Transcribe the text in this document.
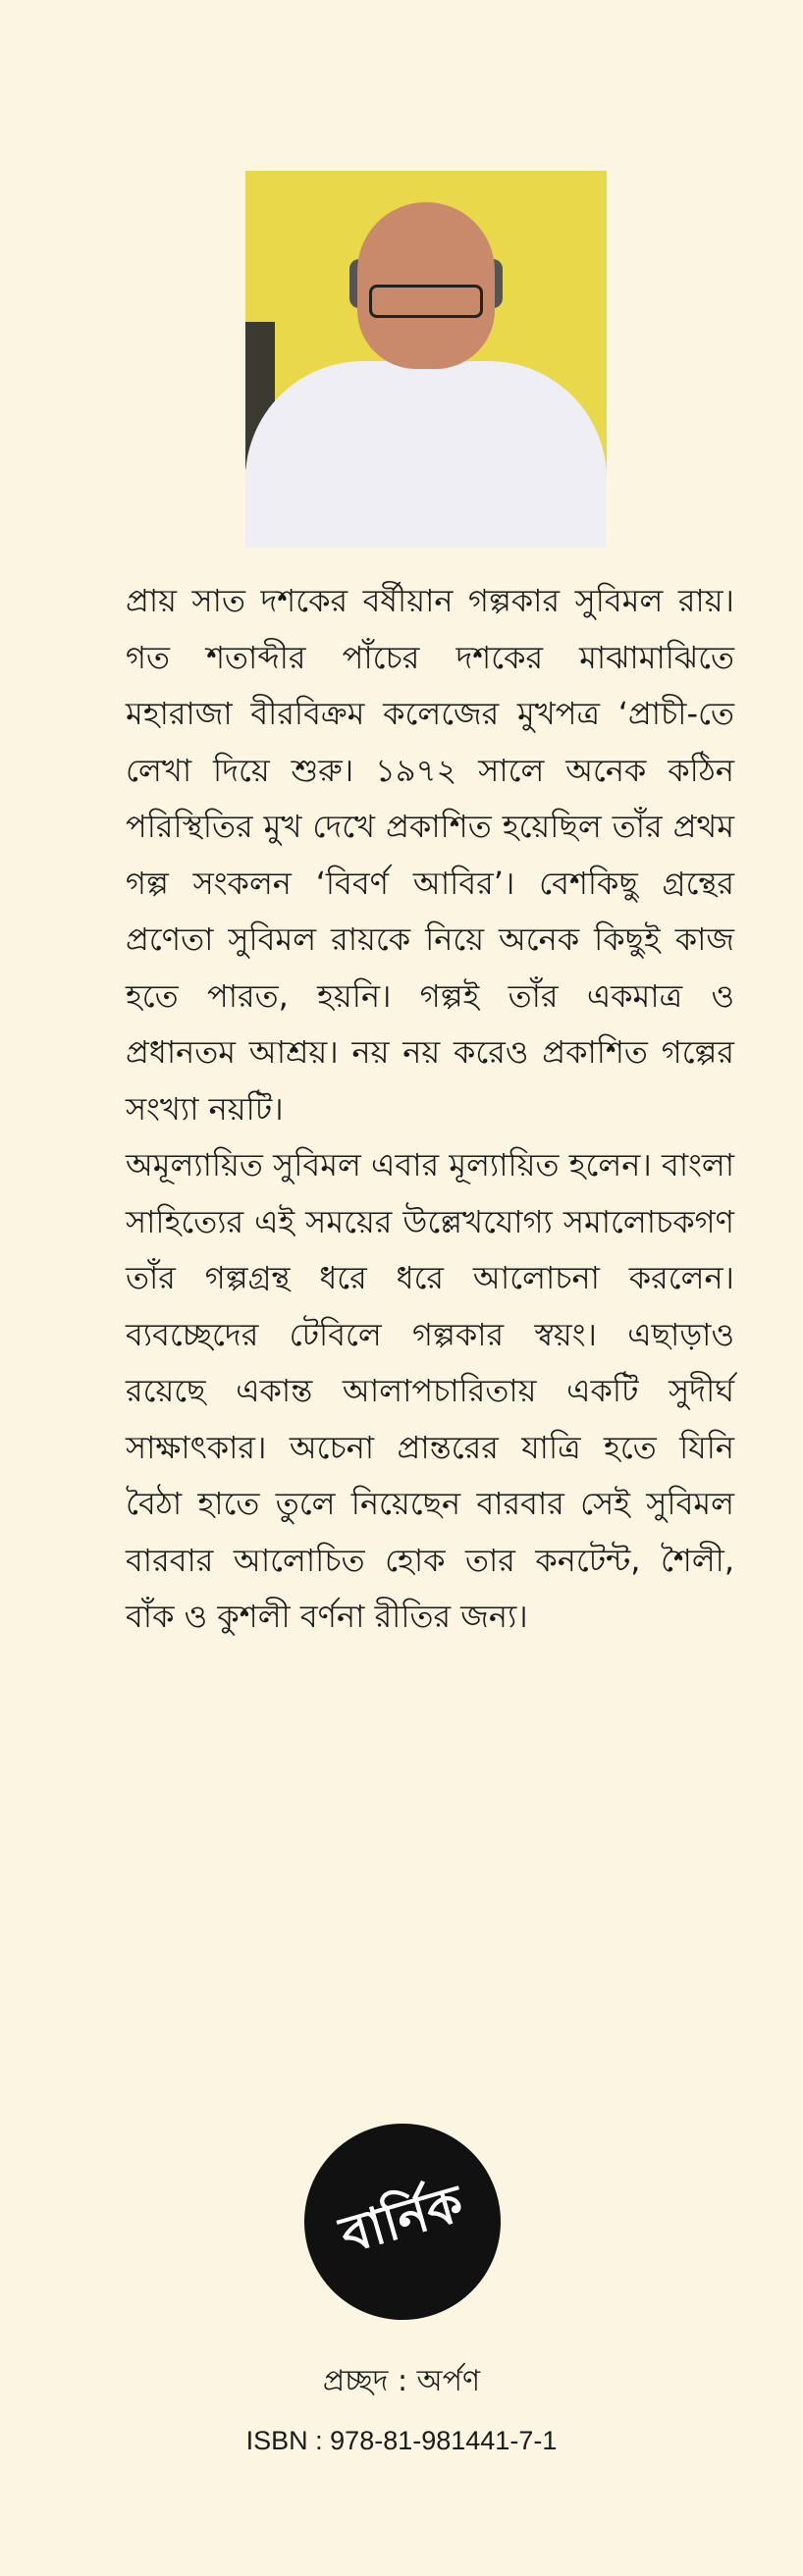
প্রায় সাত দশকের বর্ষীয়ান গল্পকার সুবিমল রায়। গত শতাব্দীর পাঁচের দশকের মাঝামাঝিতে মহারাজা বীরবিক্রম কলেজের মুখপত্র ‘প্রাচী-তে লেখা দিয়ে শুরু। ১৯৭২ সালে অনেক কঠিন পরিস্থিতির মুখ দেখে প্রকাশিত হয়েছিল তাঁর প্রথম গল্প সংকলন ‘বিবর্ণ আবির’। বেশকিছু গ্রন্থের প্রণেতা সুবিমল রায়কে নিয়ে অনেক কিছুই কাজ হতে পারত, হয়নি। গল্পই তাঁর একমাত্র ও প্রধানতম আশ্রয়। নয় নয় করেও প্রকাশিত গল্পের সংখ্যা নয়টি।

অমূল্যায়িত সুবিমল এবার মূল্যায়িত হলেন। বাংলা সাহিত্যের এই সময়ের উল্লেখযোগ্য সমালোচকগণ তাঁর গল্পগ্রন্থ ধরে ধরে আলোচনা করলেন। ব্যবচ্ছেদের টেবিলে গল্পকার স্বয়ং। এছাড়াও রয়েছে একান্ত আলাপচারিতায় একটি সুদীর্ঘ সাক্ষাৎকার। অচেনা প্রান্তরের যাত্রি হতে যিনি বৈঠা হাতে তুলে নিয়েছেন বারবার সেই সুবিমল বারবার আলোচিত হোক তার কনটেন্ট, শৈলী, বাঁক ও কুশলী বর্ণনা রীতির জন্য।

বার্নিক
প্রচ্ছদ : অর্পণ
ISBN : 978-81-981441-7-1
